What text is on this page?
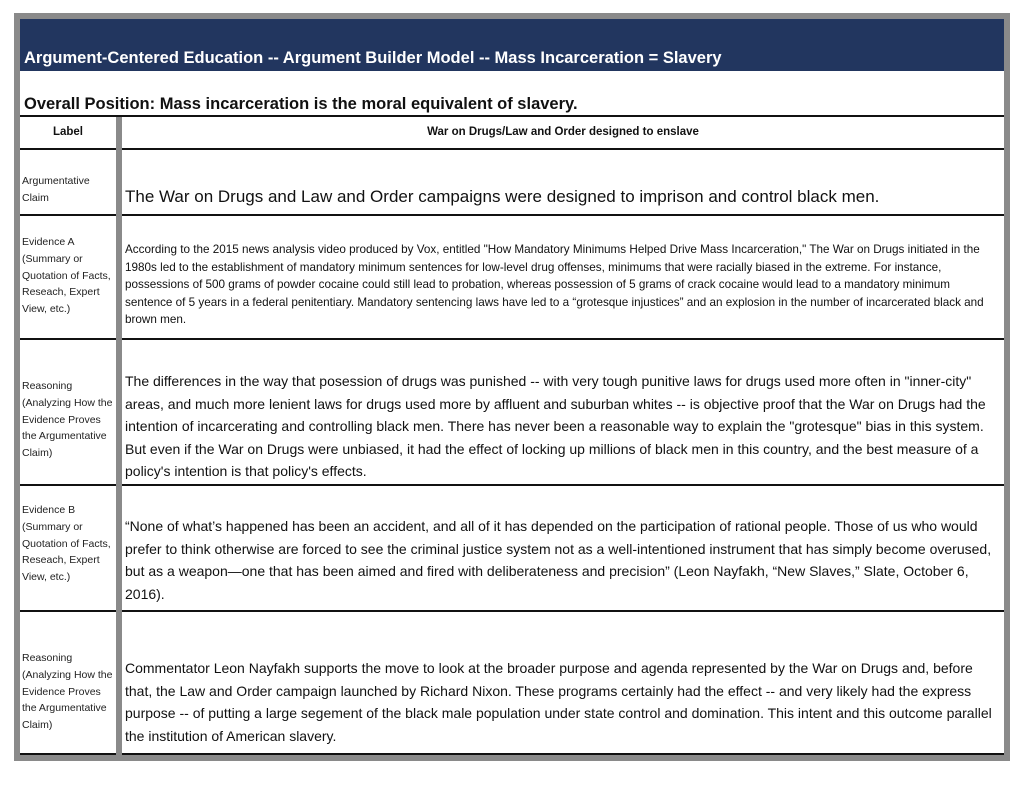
Argument-Centered Education -- Argument Builder Model -- Mass Incarceration = Slavery
Overall Position: Mass incarceration is the moral equivalent of slavery.
Label	War on Drugs/Law and Order designed to enslave
Argumentative Claim	The War on Drugs and Law and Order campaigns were designed to imprison and control black men.
Evidence A (Summary or Quotation of Facts, Reseach, Expert View, etc.)
According to the 2015 news analysis video produced by Vox, entitled "How Mandatory Minimums Helped Drive Mass Incarceration," The War on Drugs initiated in the 1980s led to the establishment of mandatory minimum sentences for low-level drug offenses, minimums that were racially biased in the extreme. For instance, possessions of 500 grams of powder cocaine could still lead to probation, whereas possession of 5 grams of crack cocaine would lead to a mandatory minimum sentence of 5 years in a federal penitentiary. Mandatory sentencing laws have led to a “grotesque injustices” and an explosion in the number of incarcerated black and brown men.
Reasoning (Analyzing How the Evidence Proves the Argumentative Claim)
The differences in the way that posession of drugs was punished -- with very tough punitive laws for drugs used more often in "inner-city" areas, and much more lenient laws for drugs used more by affluent and suburban whites -- is objective proof that the War on Drugs had the intention of incarcerating and controlling black men. There has never been a reasonable way to explain the "grotesque" bias in this system. But even if the War on Drugs were unbiased, it had the effect of locking up millions of black men in this country, and the best measure of a policy's intention is that policy's effects.
Evidence B (Summary or Quotation of Facts, Reseach, Expert View, etc.)
“None of what’s happened has been an accident, and all of it has depended on the participation of rational people. Those of us who would prefer to think otherwise are forced to see the criminal justice system not as a well-intentioned instrument that has simply become overused, but as a weapon—one that has been aimed and fired with deliberateness and precision” (Leon Nayfakh, “New Slaves,” Slate, October 6, 2016).
Reasoning (Analyzing How the Evidence Proves the Argumentative Claim)
Commentator Leon Nayfakh supports the move to look at the broader purpose and agenda represented by the War on Drugs and, before that, the Law and Order campaign launched by Richard Nixon. These programs certainly had the effect -- and very likely had the express purpose -- of putting a large segement of the black male population under state control and domination. This intent and this outcome parallel the institution of American slavery.
